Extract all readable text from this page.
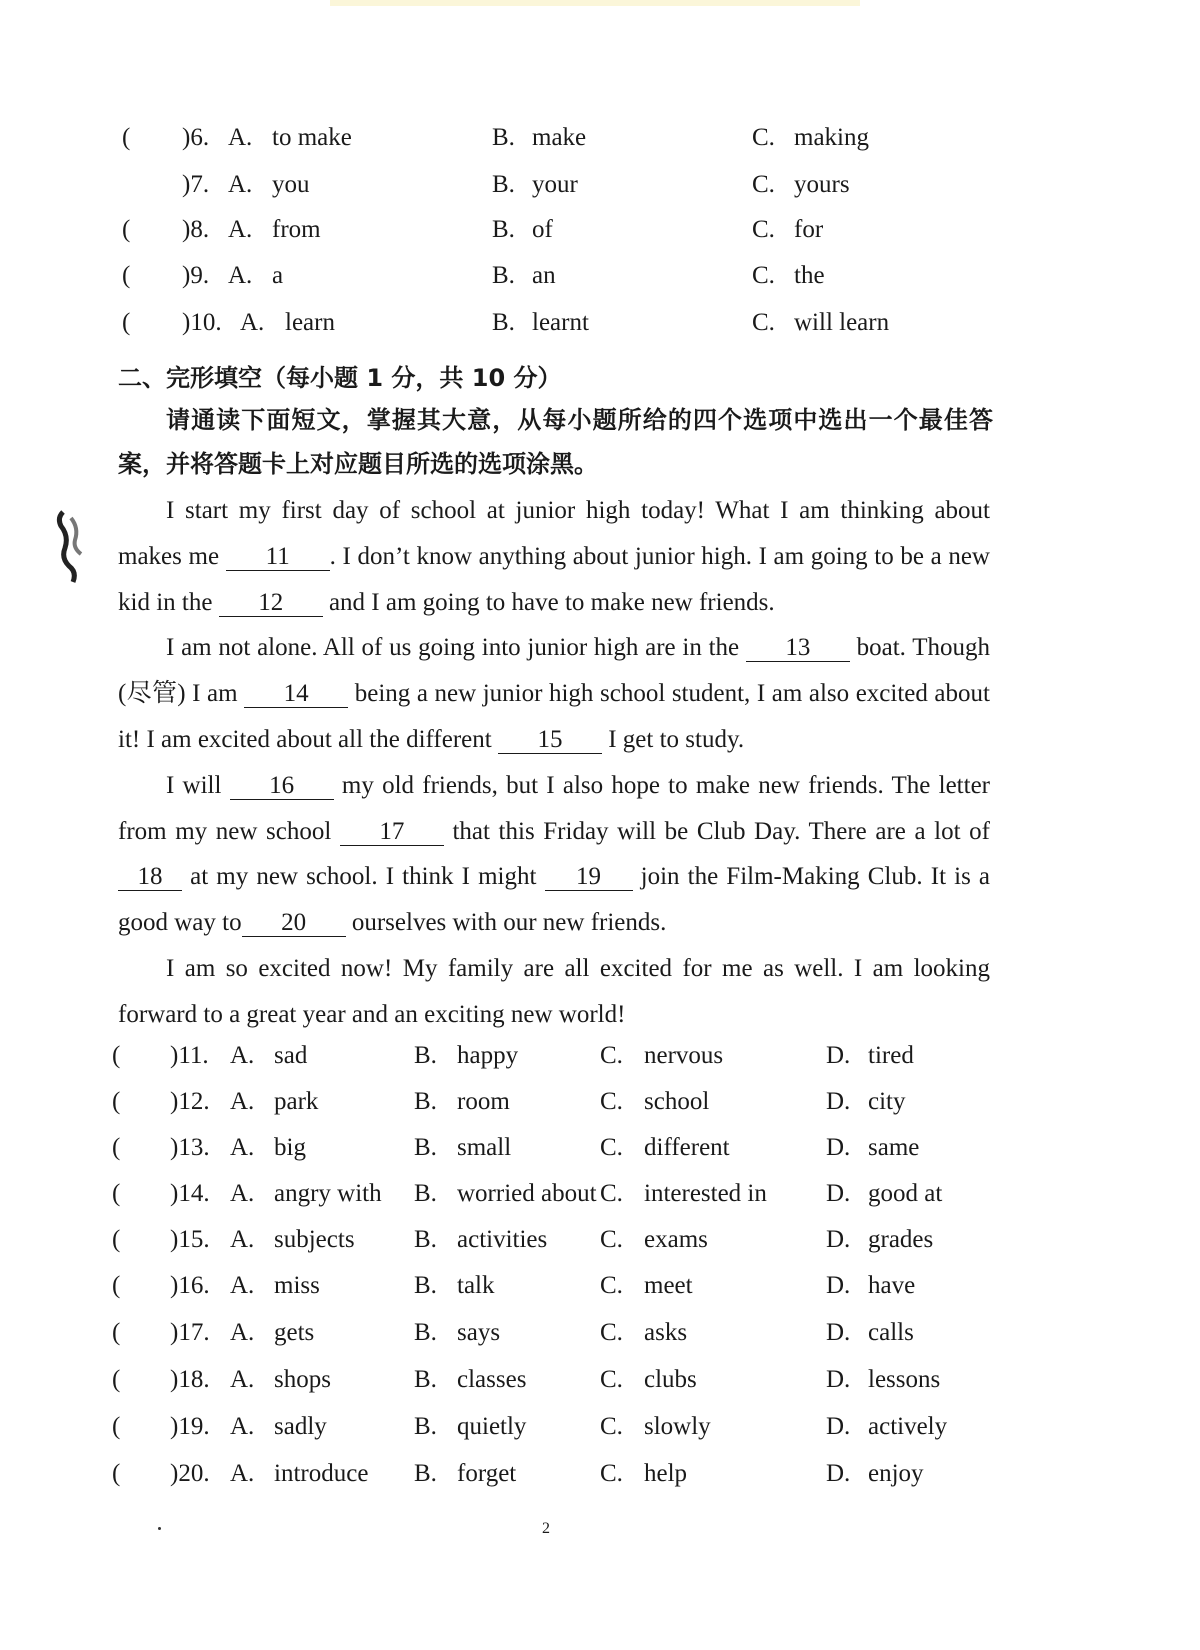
( )6. A. to make	B. make	C. making
)7. A. you	B. your	C. yours
( )8. A. from	B. of	C. for
( )9. A. a	B. an	C. the
( )10. A. learn	B. learnt	C. will learn
二、完形填空（每小题 1 分，共 10 分）
请通读下面短文，掌握其大意，从每小题所给的四个选项中选出一个最佳答案，并将答题卡上对应题目所选的选项涂黑。

I start my first day of school at junior high today! What I am thinking about makes me 11 . I don’t know anything about junior high. I am going to be a new kid in the 12 and I am going to have to make new friends.

I am not alone. All of us going into junior high are in the 13 boat. Though (尽管) I am 14 being a new junior high school student, I am also excited about it! I am excited about all the different 15 I get to study.

I will 16 my old friends, but I also hope to make new friends. The letter from my new school 17 that this Friday will be Club Day. There are a lot of 18 at my new school. I think I might 19 join the Film-Making Club. It is a good way to 20 ourselves with our new friends.

I am so excited now! My family are all excited for me as well. I am looking forward to a great year and an exciting new world!

( )11. A. sad	B. happy	C. nervous	D. tired
( )12. A. park	B. room	C. school	D. city
( )13. A. big	B. small	C. different	D. same
( )14. A. angry with B. worried about C. interested in D. good at
( )15. A. subjects B. activities C. exams	D. grades
( )16. A. miss	B. talk	C. meet	D. have
( )17. A. gets	B. says	C. asks	D. calls
( )18. A. shops	B. classes	C. clubs	D. lessons
( )19. A. sadly	B. quietly	C. slowly	D. actively
( )20. A. introduce B. forget	C. help	D. enjoy
2
